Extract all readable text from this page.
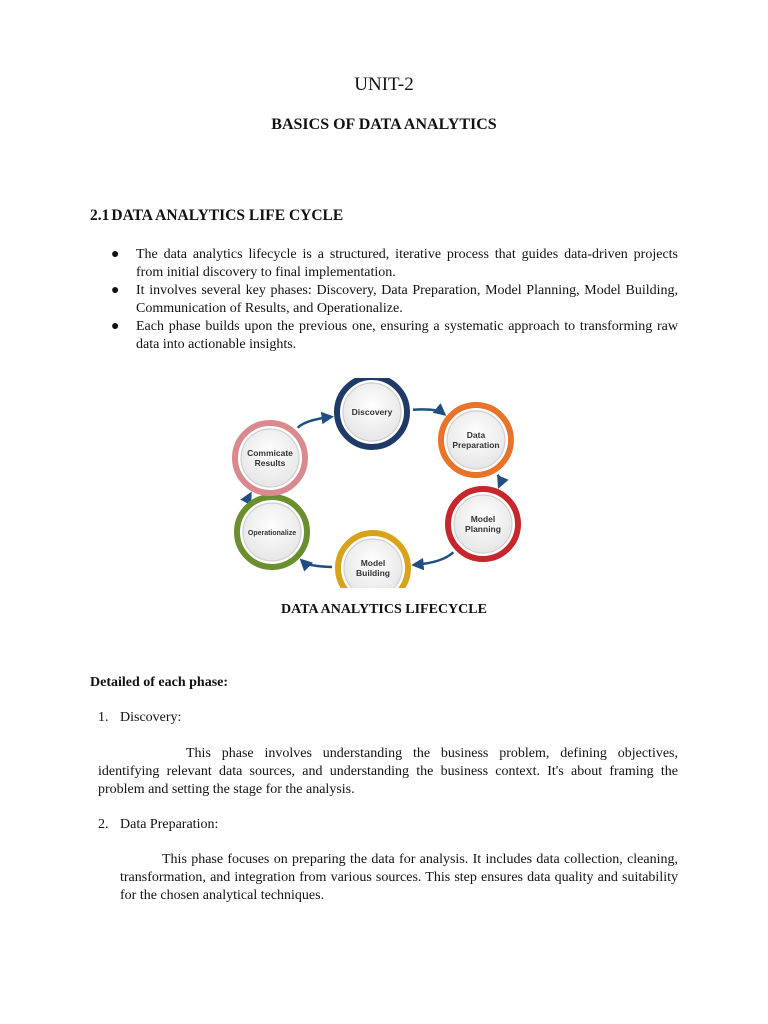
UNIT-2
BASICS OF DATA ANALYTICS
2.1 DATA ANALYTICS LIFE CYCLE
● The data analytics lifecycle is a structured, iterative process that guides data-driven projects from initial discovery to final implementation.
● It involves several key phases: Discovery, Data Preparation, Model Planning, Model Building, Communication of Results, and Operationalize.
● Each phase builds upon the previous one, ensuring a systematic approach to transforming raw data into actionable insights.
Discovery
Data
Preparation
Model
Planning
Model
Building
Operationalize
Commicate
Results
DATA ANALYTICS LIFECYCLE
Detailed of each phase:
1. Discovery:
This phase involves understanding the business problem, defining objectives, identifying relevant data sources, and understanding the business context. It's about framing the problem and setting the stage for the analysis.
2. Data Preparation:
This phase focuses on preparing the data for analysis. It includes data collection, cleaning, transformation, and integration from various sources. This step ensures data quality and suitability for the chosen analytical techniques.
